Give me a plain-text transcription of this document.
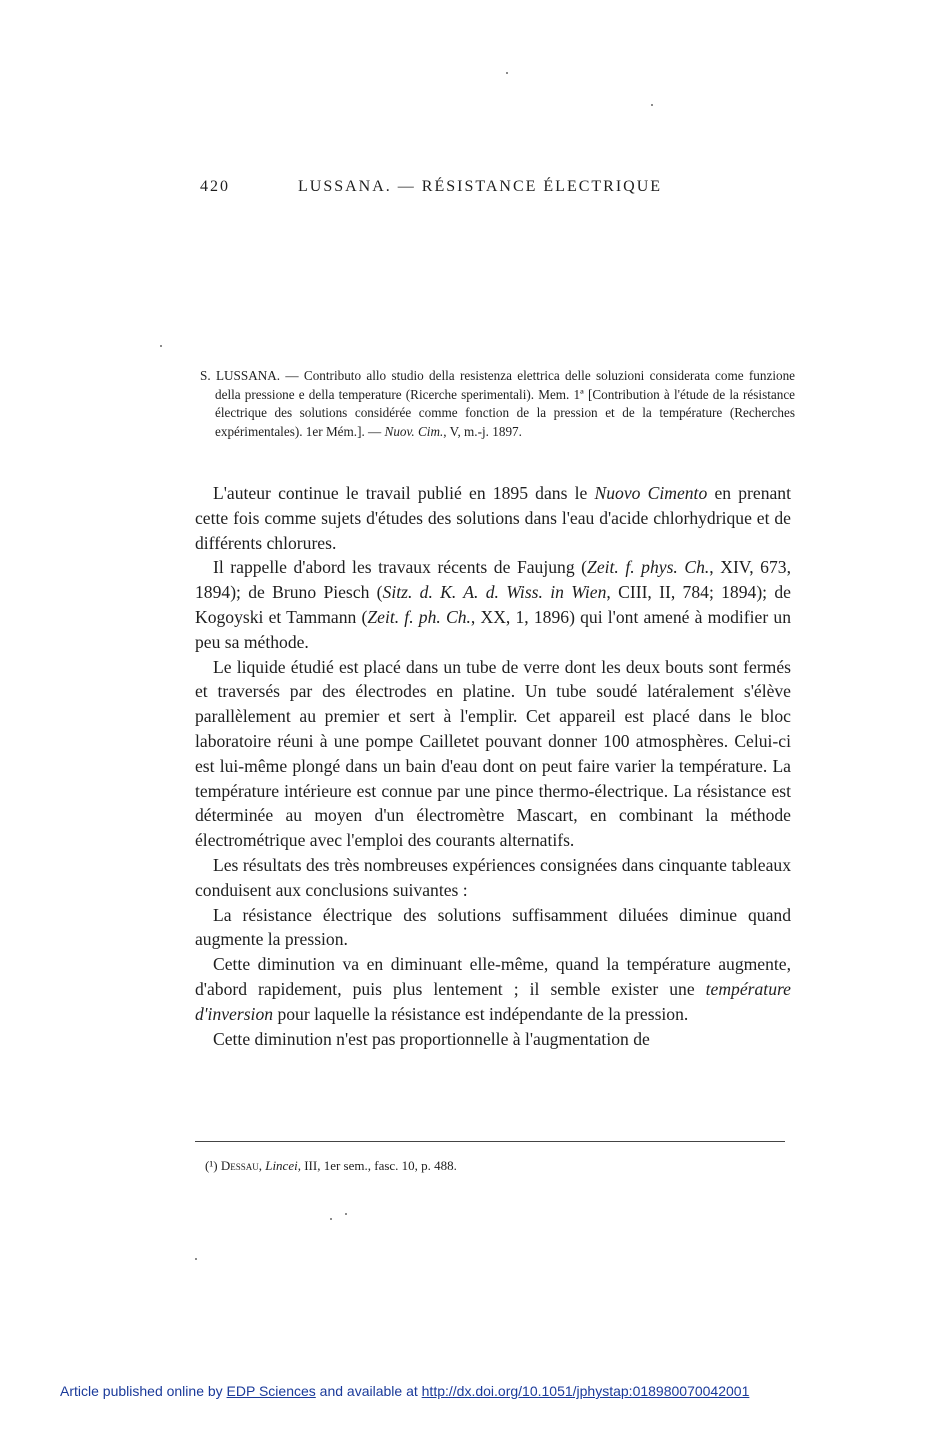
420	LUSSANA. — RÉSISTANCE ÉLECTRIQUE

S. LUSSANA. — Contributo allo studio della resistenza elettrica delle soluzioni considerata come funzione della pressione e della temperature (Ricerche sperimentali). Mem. 1ª [Contribution à l'étude de la résistance électrique des solutions considérée comme fonction de la pression et de la température (Recherches expérimentales). 1er Mém.]. — Nuov. Cim., V, m.-j. 1897.

L'auteur continue le travail publié en 1895 dans le Nuovo Cimento en prenant cette fois comme sujets d'études des solutions dans l'eau d'acide chlorhydrique et de différents chlorures.

Il rappelle d'abord les travaux récents de Faujung (Zeit. f. phys. Ch., XIV, 673, 1894); de Bruno Piesch (Sitz. d. K. A. d. Wiss. in Wien, CIII, II, 784; 1894); de Kogoyski et Tammann (Zeit. f. ph. Ch., XX, 1, 1896) qui l'ont amené à modifier un peu sa méthode.

Le liquide étudié est placé dans un tube de verre dont les deux bouts sont fermés et traversés par des électrodes en platine. Un tube soudé latéralement s'élève parallèlement au premier et sert à l'emplir. Cet appareil est placé dans le bloc laboratoire réuni à une pompe Cailletet pouvant donner 100 atmosphères. Celui-ci est lui-même plongé dans un bain d'eau dont on peut faire varier la température. La température intérieure est connue par une pince thermo-électrique. La résistance est déterminée au moyen d'un électromètre Mascart, en combinant la méthode électrométrique avec l'emploi des courants alternatifs.

Les résultats des très nombreuses expériences consignées dans cinquante tableaux conduisent aux conclusions suivantes :

La résistance électrique des solutions suffisamment diluées diminue quand augmente la pression.

Cette diminution va en diminuant elle-même, quand la température augmente, d'abord rapidement, puis plus lentement ; il semble exister une température d'inversion pour laquelle la résistance est indépendante de la pression.

Cette diminution n'est pas proportionnelle à l'augmentation de

(¹) Dessau, Lincei, III, 1er sem., fasc. 10, p. 488.
Article published online by EDP Sciences and available at http://dx.doi.org/10.1051/jphystap:018980070042001
